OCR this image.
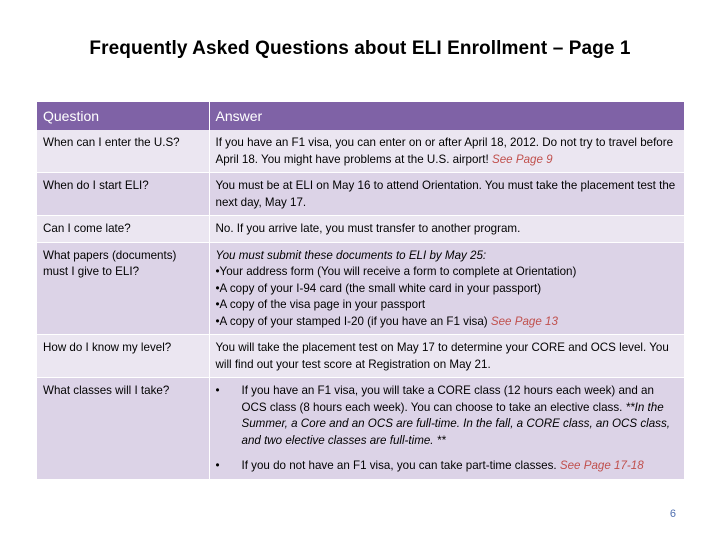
Frequently Asked Questions about ELI Enrollment – Page 1
Question	Answer
When can I enter the U.S?	If you have an F1 visa, you can enter on or after April 18, 2012. Do not try to travel before April 18. You might have problems at the U.S. airport! See Page 9
When do I start ELI?	You must be at ELI on May 16 to attend Orientation. You must take the placement test the next day, May 17.
Can I come late?	No. If you arrive late, you must transfer to another program.
What papers (documents) must I give to ELI?	You must submit these documents to ELI by May 25:
•Your address form (You will receive a form to complete at Orientation)
•A copy of your I-94 card (the small white card in your passport)
•A copy of the visa page in your passport
•A copy of your stamped I-20 (if you have an F1 visa) See Page 13

How do I know my level?	You will take the placement test on May 17 to determine your CORE and OCS level. You will find out your test score at Registration on May 21.
What classes will I take?	• If you have an F1 visa, you will take a CORE class (12 hours each week) and an OCS class (8 hours each week). You can choose to take an elective class. **In the Summer, a Core and an OCS are full-time. In the fall, a CORE class, an OCS class, and two elective classes are full-time. **
• If you do not have an F1 visa, you can take part-time classes. See Page 17-18
6
